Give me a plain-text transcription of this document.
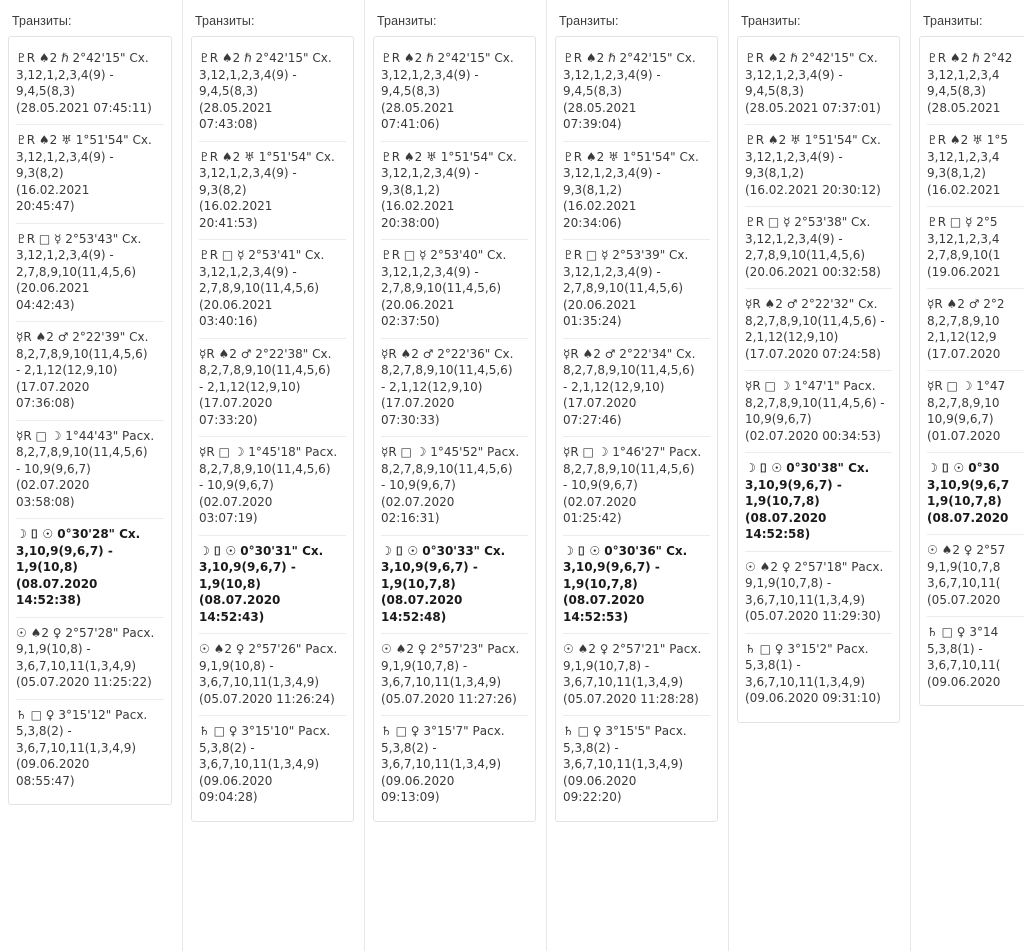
Транзиты:
♇R ♠2 ℏ 2°42'15" Сх.
3,12,1,2,3,4(9) -
9,4,5(8,3)
(28.05.2021 07:45:11)
♇R ♠2 ♅ 1°51'54" Сх.
3,12,1,2,3,4(9) -
9,3(8,2)
(16.02.2021
20:45:47)
♇R □ ☿ 2°53'43" Сх.
3,12,1,2,3,4(9) -
2,7,8,9,10(11,4,5,6)
(20.06.2021
04:42:43)
☿R ♠2 ♂ 2°22'39" Сх.
8,2,7,8,9,10(11,4,5,6)
- 2,1,12(12,9,10)
(17.07.2020
07:36:08)
☿R □ ☽ 1°44'43" Расх.
8,2,7,8,9,10(11,4,5,6)
- 10,9(9,6,7)
(02.07.2020
03:58:08)
☽ ⌷ ☉ 0°30'28" Сх.
3,10,9(9,6,7) -
1,9(10,8)
(08.07.2020
14:52:38)
☉ ♠2 ♀ 2°57'28" Расх.
9,1,9(10,8) -
3,6,7,10,11(1,3,4,9)
(05.07.2020 11:25:22)
♄ □ ♀ 3°15'12" Расх.
5,3,8(2) -
3,6,7,10,11(1,3,4,9)
(09.06.2020
08:55:47)
Транзиты:
♇R ♠2 ℏ 2°42'15" Сх.
3,12,1,2,3,4(9) -
9,4,5(8,3)
(28.05.2021
07:43:08)
♇R ♠2 ♅ 1°51'54" Сх.
3,12,1,2,3,4(9) -
9,3(8,2)
(16.02.2021
20:41:53)
♇R □ ☿ 2°53'41" Сх.
3,12,1,2,3,4(9) -
2,7,8,9,10(11,4,5,6)
(20.06.2021
03:40:16)
☿R ♠2 ♂ 2°22'38" Сх.
8,2,7,8,9,10(11,4,5,6)
- 2,1,12(12,9,10)
(17.07.2020
07:33:20)
☿R □ ☽ 1°45'18" Расх.
8,2,7,8,9,10(11,4,5,6)
- 10,9(9,6,7)
(02.07.2020
03:07:19)
☽ ⌷ ☉ 0°30'31" Сх.
3,10,9(9,6,7) -
1,9(10,8)
(08.07.2020
14:52:43)
☉ ♠2 ♀ 2°57'26" Расх.
9,1,9(10,8) -
3,6,7,10,11(1,3,4,9)
(05.07.2020 11:26:24)
♄ □ ♀ 3°15'10" Расх.
5,3,8(2) -
3,6,7,10,11(1,3,4,9)
(09.06.2020
09:04:28)
Транзиты:
♇R ♠2 ℏ 2°42'15" Сх.
3,12,1,2,3,4(9) -
9,4,5(8,3)
(28.05.2021
07:41:06)
♇R ♠2 ♅ 1°51'54" Сх.
3,12,1,2,3,4(9) -
9,3(8,1,2)
(16.02.2021
20:38:00)
♇R □ ☿ 2°53'40" Сх.
3,12,1,2,3,4(9) -
2,7,8,9,10(11,4,5,6)
(20.06.2021
02:37:50)
☿R ♠2 ♂ 2°22'36" Сх.
8,2,7,8,9,10(11,4,5,6)
- 2,1,12(12,9,10)
(17.07.2020
07:30:33)
☿R □ ☽ 1°45'52" Расх.
8,2,7,8,9,10(11,4,5,6)
- 10,9(9,6,7)
(02.07.2020
02:16:31)
☽ ⌷ ☉ 0°30'33" Сх.
3,10,9(9,6,7) -
1,9(10,7,8)
(08.07.2020
14:52:48)
☉ ♠2 ♀ 2°57'23" Расх.
9,1,9(10,7,8) -
3,6,7,10,11(1,3,4,9)
(05.07.2020 11:27:26)
♄ □ ♀ 3°15'7" Расх.
5,3,8(2) -
3,6,7,10,11(1,3,4,9)
(09.06.2020
09:13:09)
Транзиты:
♇R ♠2 ℏ 2°42'15" Сх.
3,12,1,2,3,4(9) -
9,4,5(8,3)
(28.05.2021
07:39:04)
♇R ♠2 ♅ 1°51'54" Сх.
3,12,1,2,3,4(9) -
9,3(8,1,2)
(16.02.2021
20:34:06)
♇R □ ☿ 2°53'39" Сх.
3,12,1,2,3,4(9) -
2,7,8,9,10(11,4,5,6)
(20.06.2021
01:35:24)
☿R ♠2 ♂ 2°22'34" Сх.
8,2,7,8,9,10(11,4,5,6)
- 2,1,12(12,9,10)
(17.07.2020
07:27:46)
☿R □ ☽ 1°46'27" Расх.
8,2,7,8,9,10(11,4,5,6)
- 10,9(9,6,7)
(02.07.2020
01:25:42)
☽ ⌷ ☉ 0°30'36" Сх.
3,10,9(9,6,7) -
1,9(10,7,8)
(08.07.2020
14:52:53)
☉ ♠2 ♀ 2°57'21" Расх.
9,1,9(10,7,8) -
3,6,7,10,11(1,3,4,9)
(05.07.2020 11:28:28)
♄ □ ♀ 3°15'5" Расх.
5,3,8(2) -
3,6,7,10,11(1,3,4,9)
(09.06.2020
09:22:20)
Транзиты:
♇R ♠2 ℏ 2°42'15" Сх.
3,12,1,2,3,4(9) -
9,4,5(8,3)
(28.05.2021 07:37:01)
♇R ♠2 ♅ 1°51'54" Сх.
3,12,1,2,3,4(9) -
9,3(8,1,2)
(16.02.2021 20:30:12)
♇R □ ☿ 2°53'38" Сх.
3,12,1,2,3,4(9) -
2,7,8,9,10(11,4,5,6)
(20.06.2021 00:32:58)
☿R ♠2 ♂ 2°22'32" Сх.
8,2,7,8,9,10(11,4,5,6) -
2,1,12(12,9,10)
(17.07.2020 07:24:58)
☿R □ ☽ 1°47'1" Расх.
8,2,7,8,9,10(11,4,5,6) -
10,9(9,6,7)
(02.07.2020 00:34:53)
☽ ⌷ ☉ 0°30'38" Сх.
3,10,9(9,6,7) -
1,9(10,7,8)
(08.07.2020 14:52:58)
☉ ♠2 ♀ 2°57'18" Расх.
9,1,9(10,7,8) -
3,6,7,10,11(1,3,4,9)
(05.07.2020 11:29:30)
♄ □ ♀ 3°15'2" Расх.
5,3,8(1) -
3,6,7,10,11(1,3,4,9)
(09.06.2020 09:31:10)
Транзиты:
♇R ♠2 ℏ 2°42
3,12,1,2,3,4
9,4,5(8,3)
(28.05.2021
♇R ♠2 ♅ 1°5
3,12,1,2,3,4
9,3(8,1,2)
(16.02.2021
♇R □ ☿ 2°5
3,12,1,2,3,4
2,7,8,9,10(1
(19.06.2021
☿R ♠2 ♂ 2°2
8,2,7,8,9,10
2,1,12(12,9
(17.07.2020
☿R □ ☽ 1°47
8,2,7,8,9,10
10,9(9,6,7)
(01.07.2020
☽ ⌷ ☉ 0°30
3,10,9(9,6,7
1,9(10,7,8)
(08.07.2020
☉ ♠2 ♀ 2°57
9,1,9(10,7,8
3,6,7,10,11(
(05.07.2020
♄ □ ♀ 3°14
5,3,8(1) -
3,6,7,10,11(
(09.06.2020
